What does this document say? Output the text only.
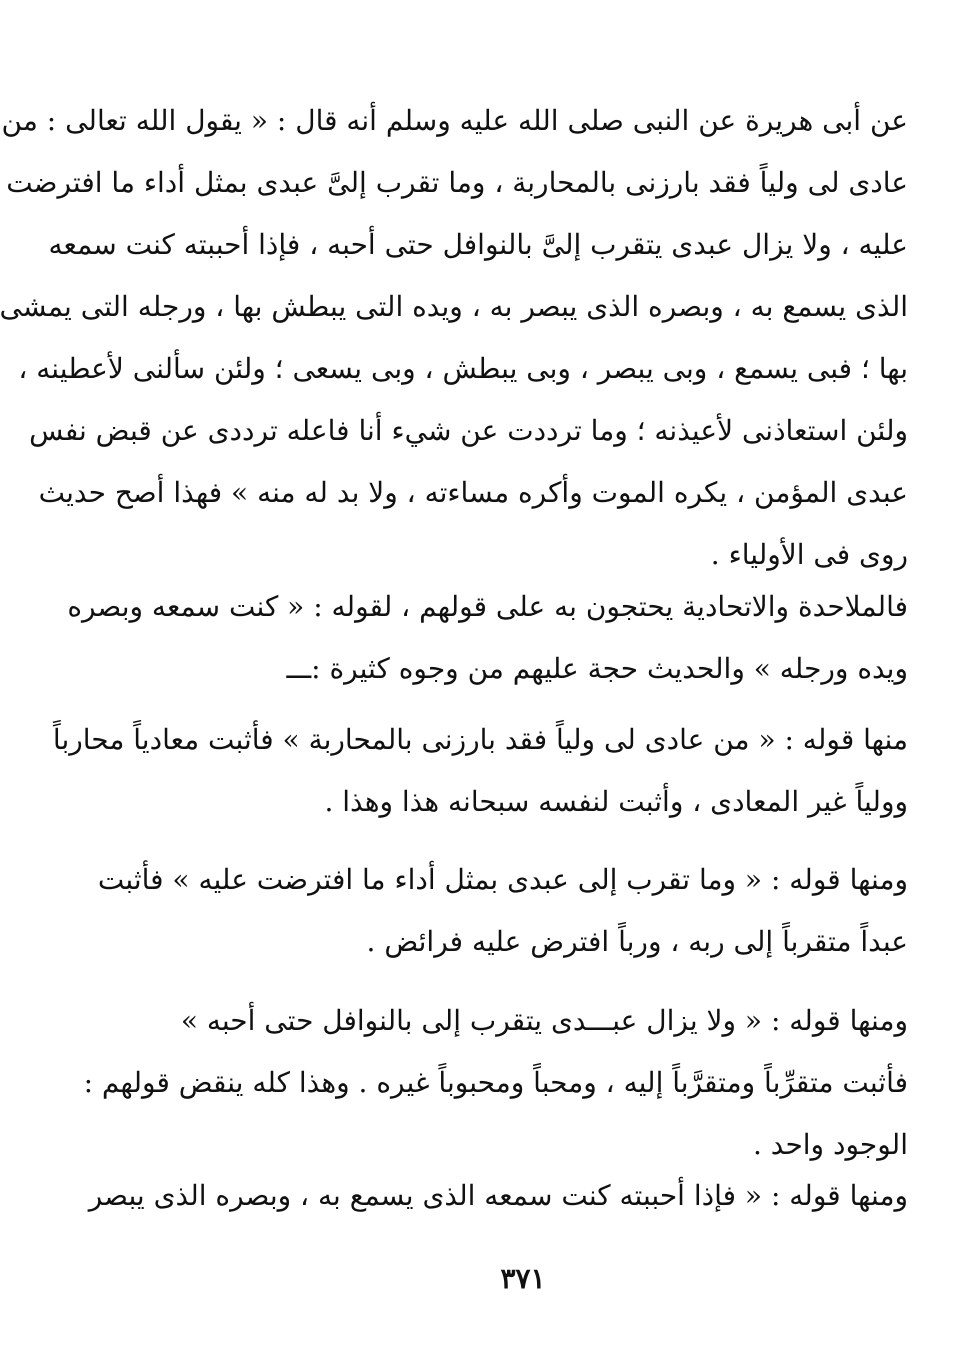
عن أبى هريرة عن النبى صلى الله عليه وسلم أنه قال : « يقول الله تعالى : من
عادى لى ولياً فقد بارزنى بالمحاربة ، وما تقرب إلىَّ عبدى بمثل أداء ما افترضت
عليه ، ولا يزال عبدى يتقرب إلىَّ بالنوافل حتى أحبه ، فإذا أحببته كنت سمعه
الذى يسمع به ، وبصره الذى يبصر به ، ويده التى يبطش بها ، ورجله التى يمشى
بها ؛ فبى يسمع ، وبى يبصر ، وبى يبطش ، وبى يسعى ؛ ولئن سألنى لأعطينه ،
ولئن استعاذنى لأعيذنه ؛ وما ترددت عن شيء أنا فاعله ترددى عن قبض نفس
عبدى المؤمن ، يكره الموت وأكره مساءته ، ولا بد له منه » فهذا أصح حديث
روى فى الأولياء .
فالملاحدة والاتحادية يحتجون به على قولهم ، لقوله : « كنت سمعه وبصره
ويده ورجله » والحديث حجة عليهم من وجوه كثيرة :ـــ
منها قوله : « من عادى لى ولياً فقد بارزنى بالمحاربة » فأثبت معادياً محارباً
وولياً غير المعادى ، وأثبت لنفسه سبحانه هذا وهذا .
ومنها قوله : « وما تقرب إلى عبدى بمثل أداء ما افترضت عليه » فأثبت
عبداً متقرباً إلى ربه ، ورباً افترض عليه فرائض .
ومنها قوله : « ولا يزال عبـــدى يتقرب إلى بالنوافل حتى أحبه »
فأثبت متقرِّباً ومتقرَّباً إليه ، ومحباً ومحبوباً غيره . وهذا كله ينقض قولهم :
الوجود واحد .
ومنها قوله : « فإذا أحببته كنت سمعه الذى يسمع به ، وبصره الذى يبصر
٣٧١
